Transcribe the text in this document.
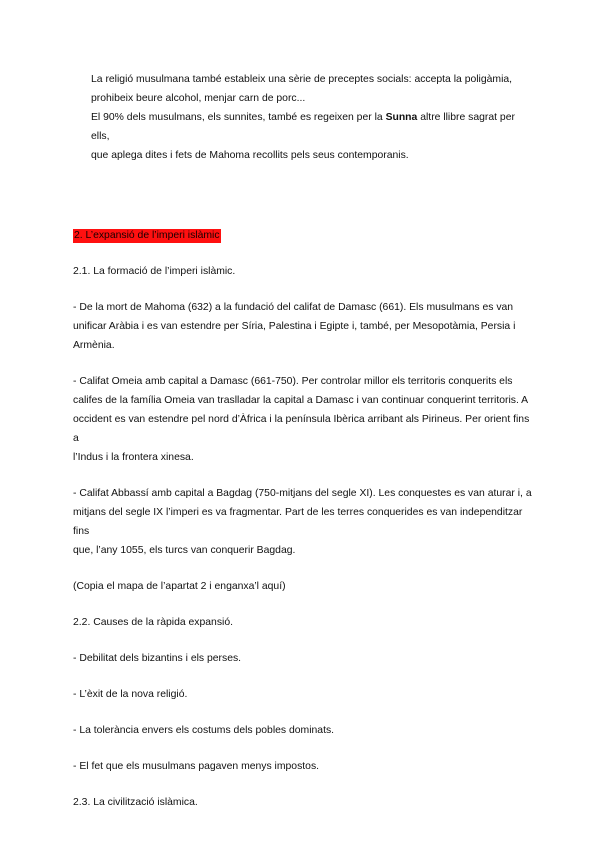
La religió musulmana també estableix una sèrie de preceptes socials: accepta la poligàmia,

prohibeix beure alcohol, menjar carn de porc...

El 90% dels musulmans, els sunnites, també es regeixen per la Sunna altre llibre sagrat per ells,

que aplega dites i fets de Mahoma recollits pels seus contemporanis.

2. L’expansió de l’imperi islàmic

2.1. La formació de l’imperi islàmic.

- De la mort de Mahoma (632) a la fundació del califat de Damasc (661). Els musulmans es van

unificar Aràbia i es van estendre per Síria, Palestina i Egipte i, també, per Mesopotàmia, Persia i

Armènia.

- Califat Omeia amb capital a Damasc (661-750). Per controlar millor els territoris conquerits els

califes de la família Omeia van traslladar la capital a Damasc i van continuar conquerint territoris. A

occident es van estendre pel nord d’Àfrica i la península Ibèrica arribant als Pirineus. Per orient fins a

l’Indus i la frontera xinesa.

- Califat Abbassí amb capital a Bagdag (750-mitjans del segle XI). Les conquestes es van aturar i, a

mitjans del segle IX l’imperi es va fragmentar. Part de les terres conquerides es van independitzar fins

que, l’any 1055, els turcs van conquerir Bagdag.

(Copia el mapa de l’apartat 2 i enganxa’l aquí)

2.2. Causes de la ràpida expansió.

- Debilitat dels bizantins i els perses.

- L’èxit de la nova religió.

- La tolerància envers els costums dels pobles dominats.

- El fet que els musulmans pagaven menys impostos.

2.3. La civilització islàmica.
